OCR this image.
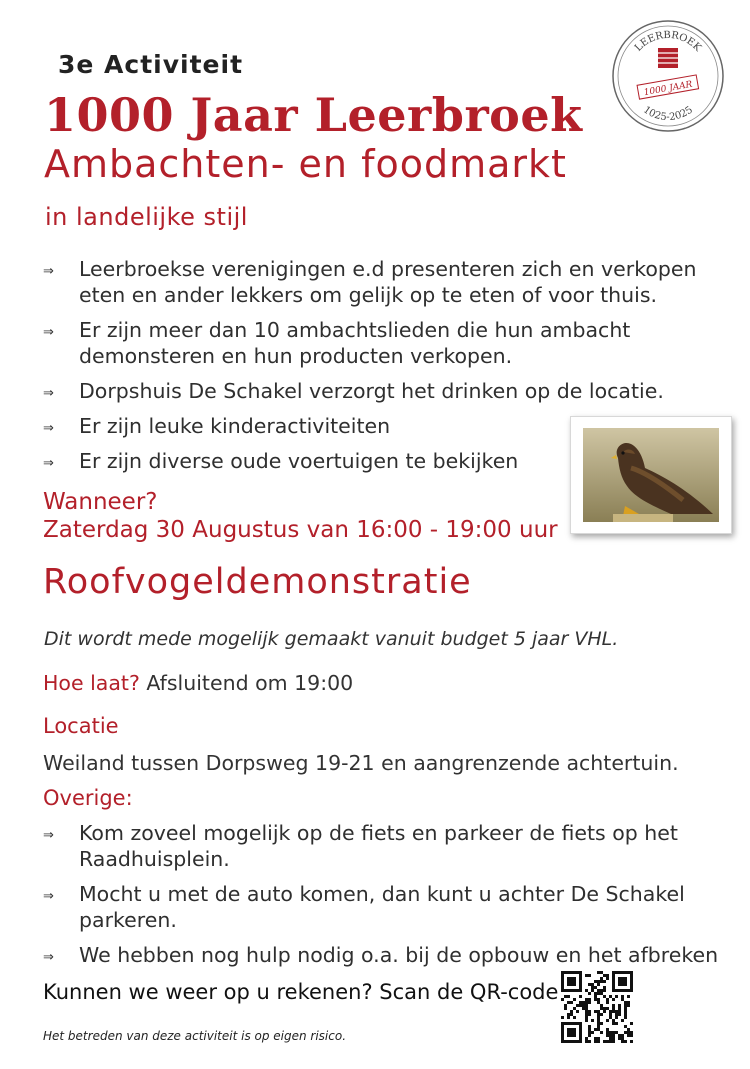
LEERBROEK
1025-2025
1000 JAAR
3e Activiteit
1000 Jaar Leerbroek
Ambachten- en foodmarkt
in landelijke stijl
⇒ Leerbroekse verenigingen e.d presenteren zich en verkopen eten en ander lekkers om gelijk op te eten of voor thuis.
⇒ Er zijn meer dan 10 ambachtslieden die hun ambacht demonsteren en hun producten verkopen.
⇒ Dorpshuis De Schakel verzorgt het drinken op de locatie.
⇒ Er zijn leuke kinderactiviteiten
⇒ Er zijn diverse oude voertuigen te bekijken
Wanneer?
Zaterdag 30 Augustus van 16:00 - 19:00 uur
Roofvogeldemonstratie
Dit wordt mede mogelijk gemaakt vanuit budget 5 jaar VHL.
Hoe laat? Afsluitend om 19:00
Locatie
Weiland tussen Dorpsweg 19-21 en aangrenzende achtertuin.
Overige:
⇒ Kom zoveel mogelijk op de fiets en parkeer de fiets op het Raadhuisplein.
⇒ Mocht u met de auto komen, dan kunt u achter De Schakel parkeren.
⇒ We hebben nog hulp nodig o.a. bij de opbouw en het afbreken
Kunnen we weer op u rekenen? Scan de QR-code
Het betreden van deze activiteit is op eigen risico.
